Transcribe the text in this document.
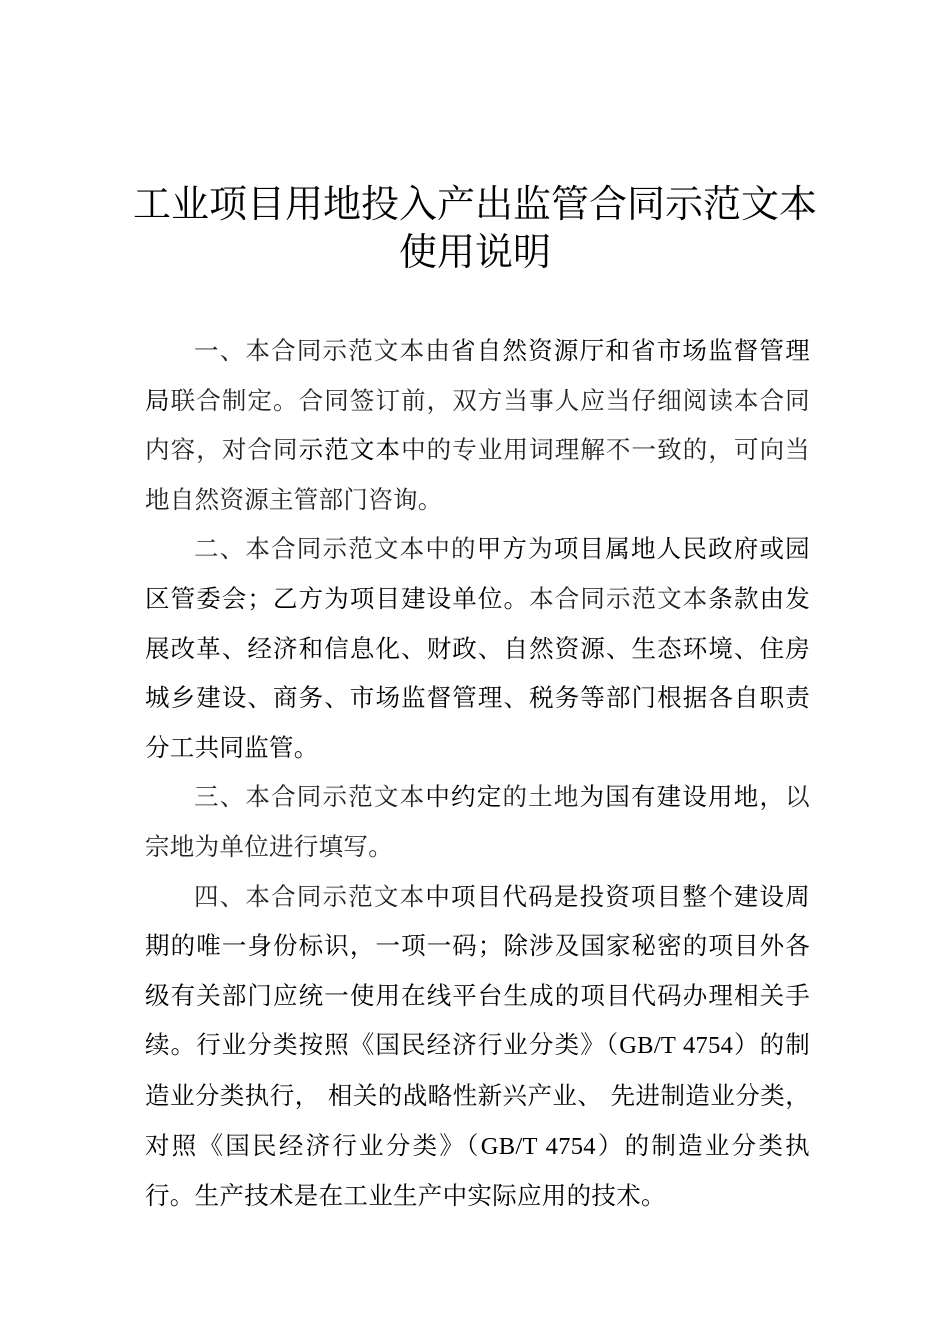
工业项目用地投入产出监管合同示范文本
使用说明

一、本合同示范文本由省自然资源厅和省市场监督管理局联合制定。合同签订前，双方当事人应当仔细阅读本合同内容，对合同示范文本中的专业用词理解不一致的，可向当地自然资源主管部门咨询。

二、本合同示范文本中的甲方为项目属地人民政府或园区管委会；乙方为项目建设单位。本合同示范文本条款由发展改革、经济和信息化、财政、自然资源、生态环境、住房城乡建设、商务、市场监督管理、税务等部门根据各自职责分工共同监管。

三、本合同示范文本中约定的土地为国有建设用地，以宗地为单位进行填写。

四、本合同示范文本中项目代码是投资项目整个建设周期的唯一身份标识，一项一码；除涉及国家秘密的项目外各级有关部门应统一使用在线平台生成的项目代码办理相关手续。行业分类按照《国民经济行业分类》（GB/T 4754）的制造业分类执行， 相关的战略性新兴产业、 先进制造业分类，对照《国民经济行业分类》（GB/T 4754）的制造业分类执行。生产技术是在工业生产中实际应用的技术。
